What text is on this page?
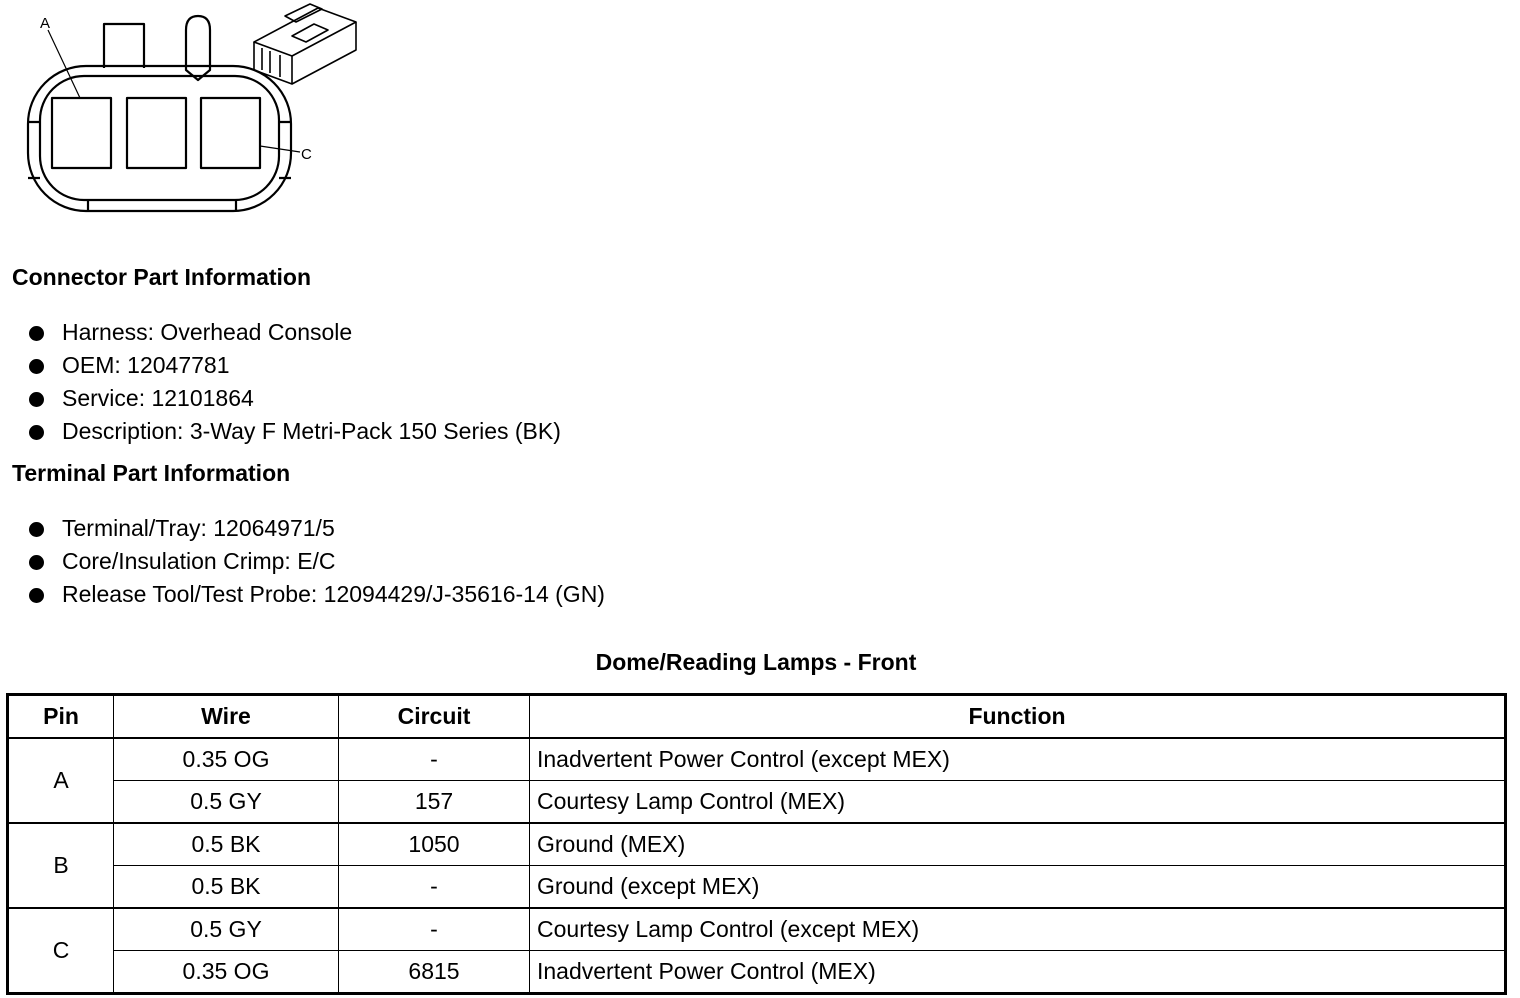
A
C
Connector Part Information
Harness: Overhead Console
OEM: 12047781
Service: 12101864
Description: 3-Way F Metri-Pack 150 Series (BK)
Terminal Part Information
Terminal/Tray: 12064971/5
Core/Insulation Crimp: E/C
Release Tool/Test Probe: 12094429/J-35616-14 (GN)
Dome/Reading Lamps - Front
Pin	Wire	Circuit	Function
A	0.35 OG	-	Inadvertent Power Control (except MEX)
	0.5 GY	157	Courtesy Lamp Control (MEX)
B	0.5 BK	1050	Ground (MEX)
	0.5 BK	-	Ground (except MEX)
C	0.5 GY	-	Courtesy Lamp Control (except MEX)
	0.35 OG	6815	Inadvertent Power Control (MEX)
